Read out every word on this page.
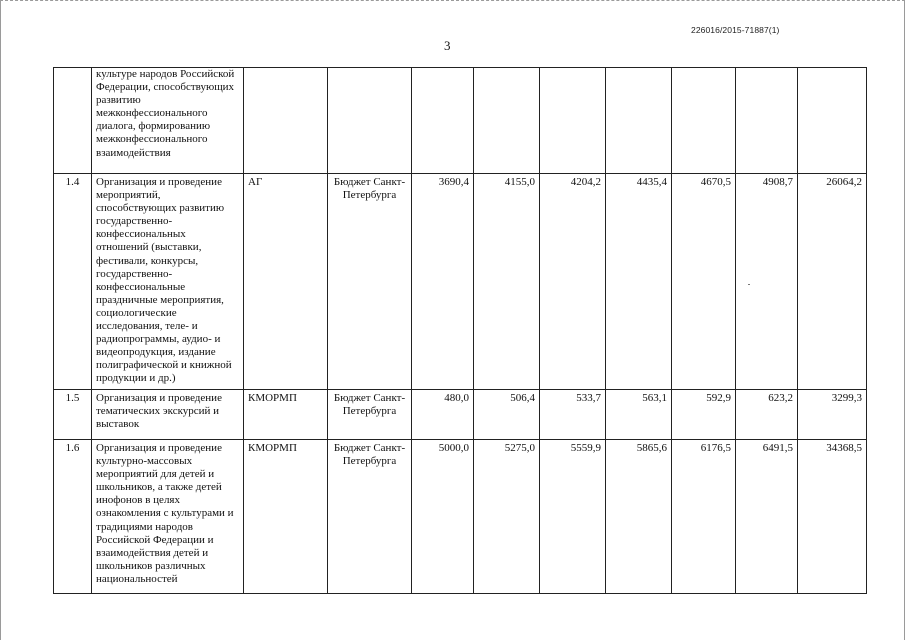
226016/2015-71887(1)
3
	культуре народов Российской Федерации, способствующих развитию межконфессионального диалога, формированию межконфессионального взаимодействия									
1.4	Организация и проведение мероприятий, способствующих развитию государственно-конфессиональных отношений (выставки, фестивали, конкурсы, государственно-конфессиональные праздничные мероприятия, социологические исследования, теле- и радиопрограммы, аудио- и видеопродукция, издание полиграфической и книжной продукции и др.)	АГ	Бюджет Санкт-Петербурга	3690,4	4155,0	4204,2	4435,4	4670,5	4908,7	26064,2
1.5	Организация и проведение тематических экскурсий и выставок	КМОРМП	Бюджет Санкт-Петербурга	480,0	506,4	533,7	563,1	592,9	623,2	3299,3
1.6	Организация и проведение культурно-массовых мероприятий для детей и школьников, а также детей инофонов в целях ознакомления с культурами и традициями народов Российской Федерации и взаимодействия детей и школьников различных национальностей	КМОРМП	Бюджет Санкт-Петербурга	5000,0	5275,0	5559,9	5865,6	6176,5	6491,5	34368,5
